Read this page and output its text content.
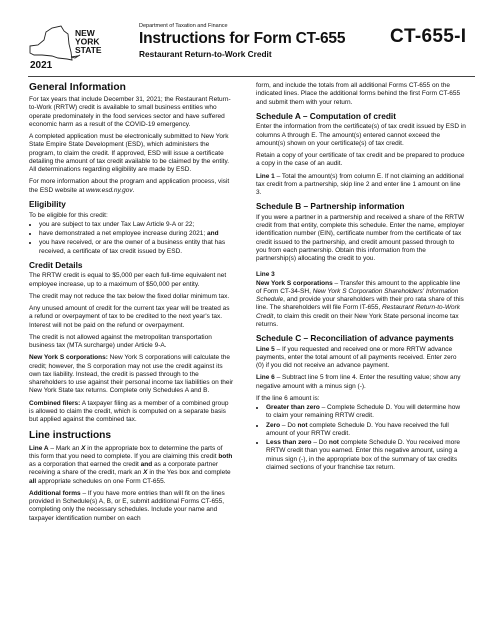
NEW
YORK
STATE
2021
Department of Taxation and Finance
Instructions for Form CT-655
Restaurant Return-to-Work Credit
CT-655-I
General Information

For tax years that include December 31, 2021; the Restaurant Return-to-Work (RRTW) credit is available to small business entities who operate predominately in the food services sector and have suffered economic harm as a result of the COVID-19 emergency.

A completed application must be electronically submitted to New York State Empire State Development (ESD), which administers the program, to claim the credit. If approved, ESD will issue a certificate detailing the amount of tax credit available to be claimed by the entity. All determinations regarding eligibility are made by ESD.

For more information about the program and application process, visit the ESD website at www.esd.ny.gov.

Eligibility

To be eligible for this credit:

• you are subject to tax under Tax Law Article 9-A or 22;
• have demonstrated a net employee increase during 2021; and
• you have received, or are the owner of a business entity that has received, a certificate of tax credit issued by ESD.
Credit Details

The RRTW credit is equal to $5,000 per each full-time equivalent net employee increase, up to a maximum of $50,000 per entity.

The credit may not reduce the tax below the fixed dollar minimum tax.

Any unused amount of credit for the current tax year will be treated as a refund or overpayment of tax to be credited to the next year's tax. Interest will not be paid on the refund or overpayment.

The credit is not allowed against the metropolitan transportation business tax (MTA surcharge) under Article 9-A.

New York S corporations: New York S corporations will calculate the credit; however, the S corporation may not use the credit against its own tax liability. Instead, the credit is passed through to the shareholders to use against their personal income tax liabilities on their New York State tax returns. Complete only Schedules A and B.

Combined filers: A taxpayer filing as a member of a combined group is allowed to claim the credit, which is computed on a separate basis but applied against the combined tax.

Line instructions

Line A – Mark an X in the appropriate box to determine the parts of this form that you need to complete. If you are claiming this credit both as a corporation that earned the credit and as a corporate partner receiving a share of the credit, mark an X in the Yes box and complete all appropriate schedules on one Form CT-655.

Additional forms – If you have more entries than will fit on the lines provided in Schedule(s) A, B, or E, submit additional Forms CT-655, completing only the necessary schedules. Include your name and taxpayer identification number on each

form, and include the totals from all additional Forms CT-655 on the indicated lines. Place the additional forms behind the first Form CT-655 and submit them with your return.

Schedule A – Computation of credit

Enter the information from the certificate(s) of tax credit issued by ESD in columns A through E. The amount(s) entered cannot exceed the amount(s) shown on your certificate(s) of tax credit.

Retain a copy of your certificate of tax credit and be prepared to produce a copy in the case of an audit.

Line 1 – Total the amount(s) from column E. If not claiming an additional tax credit from a partnership, skip line 2 and enter line 1 amount on line 3.

Schedule B – Partnership information

If you were a partner in a partnership and received a share of the RRTW credit from that entity, complete this schedule. Enter the name, employer identification number (EIN), certificate number from the certificate of tax credit issued to the partnership, and credit amount passed through to you from each partnership. Obtain this information from the partnership(s) allocating the credit to you.

Line 3

New York S corporations – Transfer this amount to the applicable line of Form CT-34-SH, New York S Corporation Shareholders' Information Schedule, and provide your shareholders with their pro rata share of this line. The shareholders will file Form IT-655, Restaurant Return-to-Work Credit, to claim this credit on their New York State personal income tax returns.

Schedule C – Reconciliation of advance payments

Line 5 – If you requested and received one or more RRTW advance payments, enter the total amount of all payments received. Enter zero (0) if you did not receive an advance payment.

Line 6 – Subtract line 5 from line 4. Enter the resulting value; show any negative amount with a minus sign (-).

If the line 6 amount is:

• Greater than zero – Complete Schedule D. You will determine how to claim your remaining RRTW credit.
• Zero – Do not complete Schedule D. You have received the full amount of your RRTW credit.
• Less than zero – Do not complete Schedule D. You received more RRTW credit than you earned. Enter this negative amount, using a minus sign (-), in the appropriate box of the summary of tax credits claimed sections of your franchise tax return.
